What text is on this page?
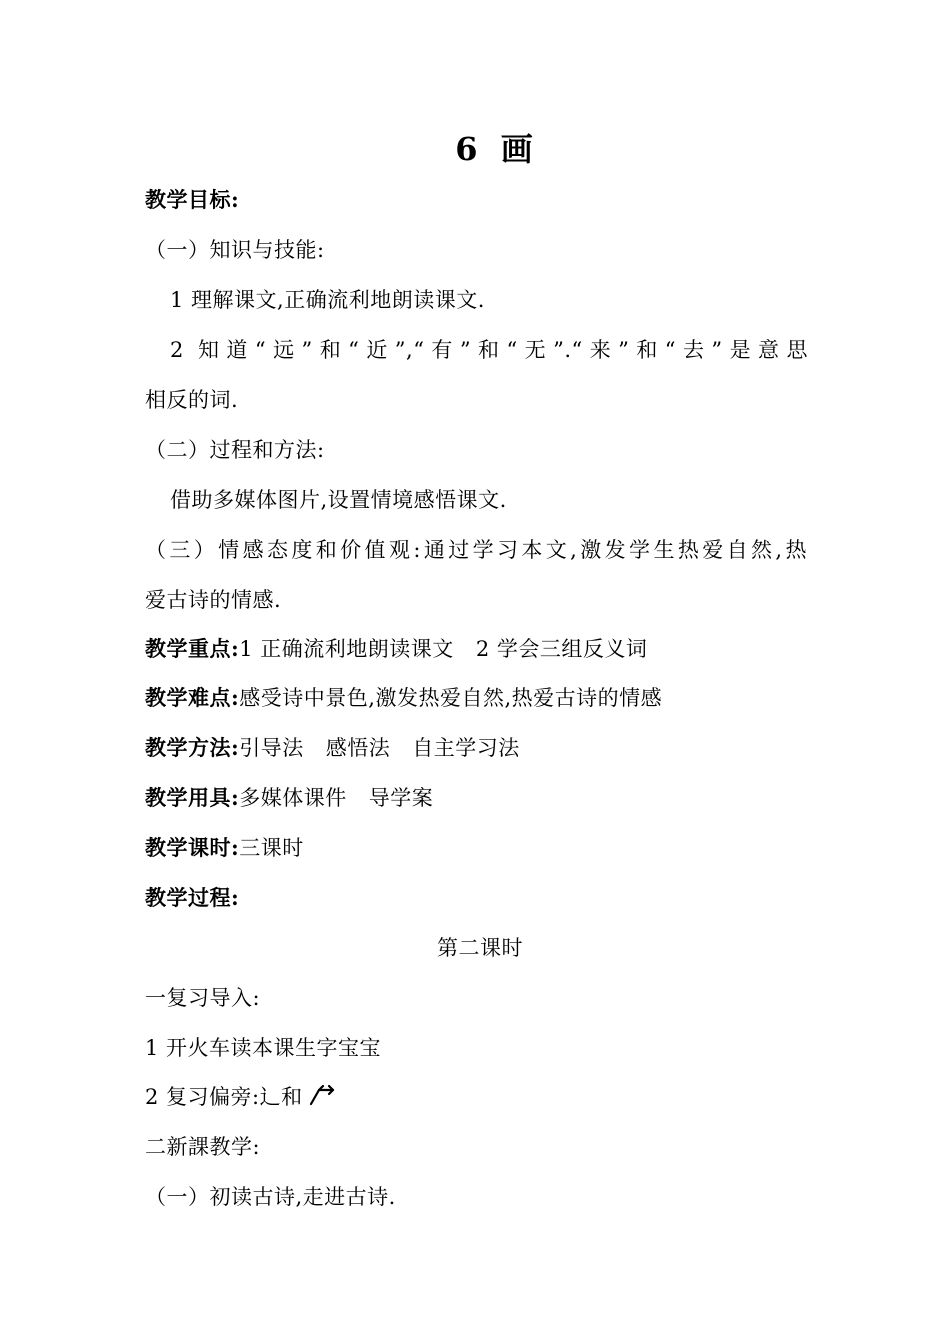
6 画
教学目标:
（一）知识与技能:
1 理解课文,正确流利地朗读课文.
2 知道“远”和“近”,“有”和“无”.“来”和“去”是意思
相反的词.
（二）过程和方法:
借助多媒体图片,设置情境感悟课文.
（三）情感态度和价值观:通过学习本文,激发学生热爱自然,热
爱古诗的情感.
教学重点:1 正确流利地朗读课文 2 学会三组反义词
教学难点:感受诗中景色,激发热爱自然,热爱古诗的情感
教学方法:引导法 感悟法 自主学习法
教学用具:多媒体课件 导学案
教学课时:三课时
教学过程:
第二课时
一复习导入:
1 开火车读本课生字宝宝
2 复习偏旁:辶和
二新課教学:
（一）初读古诗,走进古诗.
